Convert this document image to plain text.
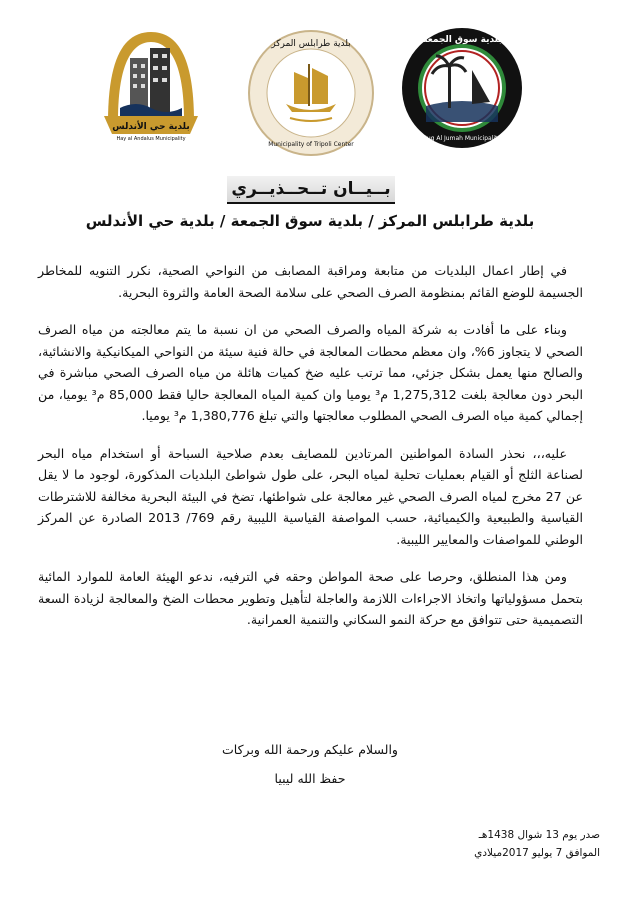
بلدية حي الأندلس
Hay al Andalus Municipality
بلدية طرابلس المركز
Municipality of Tripoli Center
بلدية سوق الجمعة
Suq Al Jumah Municipality
بــيــان تــحــذيــري
بلدية طرابلس المركز / بلدية سوق الجمعة / بلدية حي الأندلس

في إطار اعمال البلديات من متابعة ومراقبة المصابف من النواحي الصحية، نكرر التنويه للمخاطر الجسيمة للوضع القائم بمنظومة الصرف الصحي على سلامة الصحة العامة والثروة البحرية.

وبناء على ما أفادت به شركة المياه والصرف الصحي من ان نسبة ما يتم معالجته من مياه الصرف الصحي لا يتجاوز 6%، وان معظم محطات المعالجة في حالة فنية سيئة من النواحي الميكانيكية والانشائية، والصالح منها يعمل بشكل جزئي، مما ترتب عليه ضخ كميات هائلة من مياه الصرف الصحي مباشرة في البحر دون معالجة بلغت 1,275,312 م³ يوميا وان كمية المياه المعالجة حاليا فقط 85,000 م³ يوميا، من إجمالي كمية مياه الصرف الصحي المطلوب معالجتها والتي تبلغ 1,380,776 م³ يوميا.

عليه،،، نحذر السادة المواطنين المرتادين للمصايف بعدم صلاحية السباحة أو استخدام مياه البحر لصناعة الثلج أو القيام بعمليات تحلية لمياه البحر، على طول شواطئ البلديات المذكورة، لوجود ما لا يقل عن 27 مخرج لمياه الصرف الصحي غير معالجة على شواطئها، تضخ في البيئة البحرية مخالفة للاشترطات القياسية والطبيعية والكيميائية، حسب المواصفة القياسية الليبية رقم 769/ 2013 الصادرة عن المركز الوطني للمواصفات والمعايير الليبية.

ومن هذا المنطلق، وحرصا على صحة المواطن وحقه في الترفيه، ندعو الهيئة العامة للموارد المائية بتحمل مسؤولياتها واتخاذ الاجراءات اللازمة والعاجلة لتأهيل وتطوير محطات الضخ والمعالجة لزيادة السعة التصميمية حتى تتوافق مع حركة النمو السكاني والتنمية العمرانية.

والسلام عليكم ورحمة الله وبركات
حفظ الله ليبيا
صدر يوم 13 شوال 1438هـ
الموافق 7 يوليو 2017ميلادي
